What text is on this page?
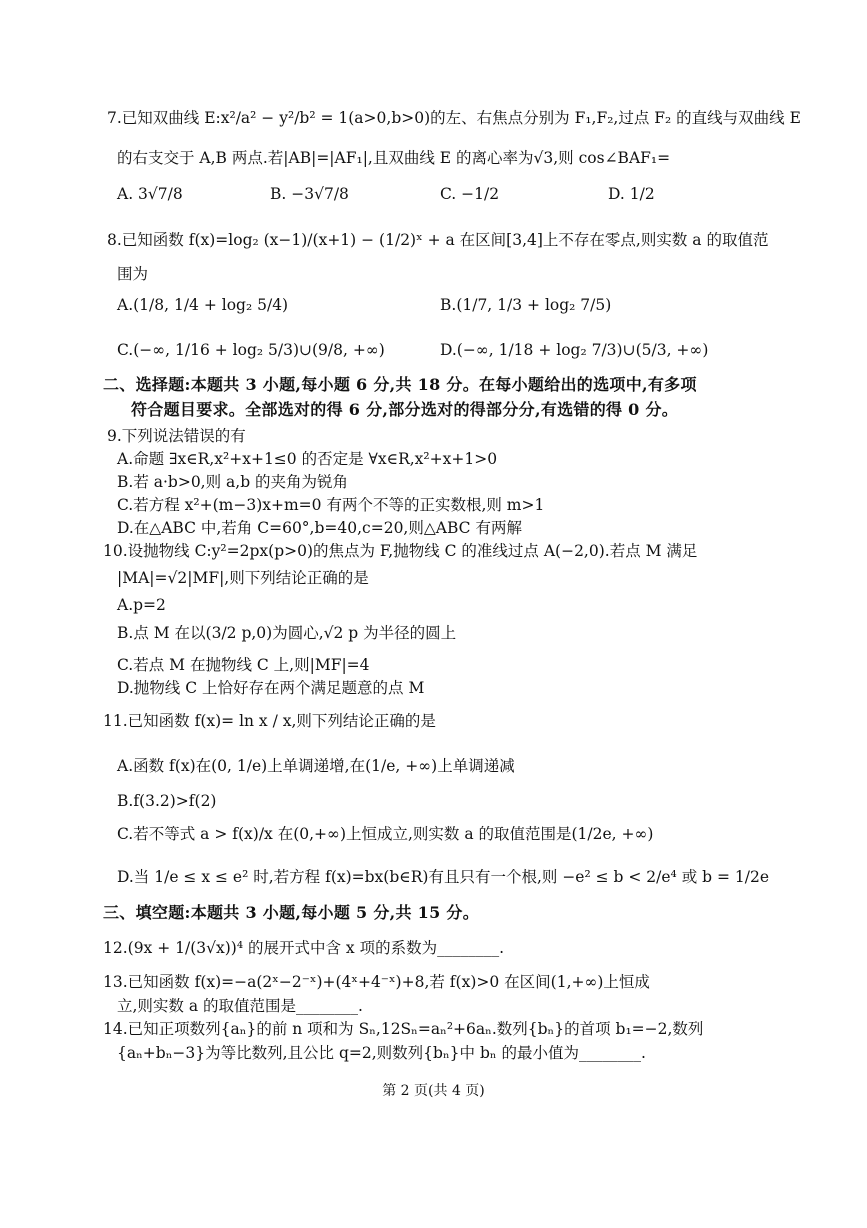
7.已知双曲线 E:x²/a² − y²/b² = 1(a>0,b>0)的左、右焦点分别为 F₁,F₂,过点 F₂ 的直线与双曲线 E
的右支交于 A,B 两点.若|AB|=|AF₁|,且双曲线 E 的离心率为√3,则 cos∠BAF₁=
A. 3√7/8	B. −3√7/8	C. −1/2	D. 1/2
8.已知函数 f(x)=log₂ (x−1)/(x+1) − (1/2)ˣ + a 在区间[3,4]上不存在零点,则实数 a 的取值范
围为
A.(1/8, 1/4 + log₂ 5/4)	B.(1/7, 1/3 + log₂ 7/5)
C.(−∞, 1/16 + log₂ 5/3)∪(9/8, +∞)	D.(−∞, 1/18 + log₂ 7/3)∪(5/3, +∞)
二、选择题:本题共 3 小题,每小题 6 分,共 18 分。在每小题给出的选项中,有多项
符合题目要求。全部选对的得 6 分,部分选对的得部分分,有选错的得 0 分。
9.下列说法错误的有
A.命题 ∃x∈R,x²+x+1≤0 的否定是 ∀x∈R,x²+x+1>0
B.若 a·b>0,则 a,b 的夹角为锐角
C.若方程 x²+(m−3)x+m=0 有两个不等的正实数根,则 m>1
D.在△ABC 中,若角 C=60°,b=40,c=20,则△ABC 有两解
10.设抛物线 C:y²=2px(p>0)的焦点为 F,抛物线 C 的准线过点 A(−2,0).若点 M 满足
|MA|=√2|MF|,则下列结论正确的是
A.p=2
B.点 M 在以(3/2 p,0)为圆心,√2 p 为半径的圆上
C.若点 M 在抛物线 C 上,则|MF|=4
D.抛物线 C 上恰好存在两个满足题意的点 M
11.已知函数 f(x)= ln x / x,则下列结论正确的是
A.函数 f(x)在(0, 1/e)上单调递增,在(1/e, +∞)上单调递减
B.f(3.2)>f(2)
C.若不等式 a > f(x)/x 在(0,+∞)上恒成立,则实数 a 的取值范围是(1/2e, +∞)
D.当 1/e ≤ x ≤ e² 时,若方程 f(x)=bx(b∈R)有且只有一个根,则 −e² ≤ b < 2/e⁴ 或 b = 1/2e
三、填空题:本题共 3 小题,每小题 5 分,共 15 分。
12.(9x + 1/(3√x))⁴ 的展开式中含 x 项的系数为________.
13.已知函数 f(x)=−a(2ˣ−2⁻ˣ)+(4ˣ+4⁻ˣ)+8,若 f(x)>0 在区间(1,+∞)上恒成
立,则实数 a 的取值范围是________.
14.已知正项数列{aₙ}的前 n 项和为 Sₙ,12Sₙ=aₙ²+6aₙ.数列{bₙ}的首项 b₁=−2,数列
{aₙ+bₙ−3}为等比数列,且公比 q=2,则数列{bₙ}中 bₙ 的最小值为________.
第 2 页(共 4 页)
